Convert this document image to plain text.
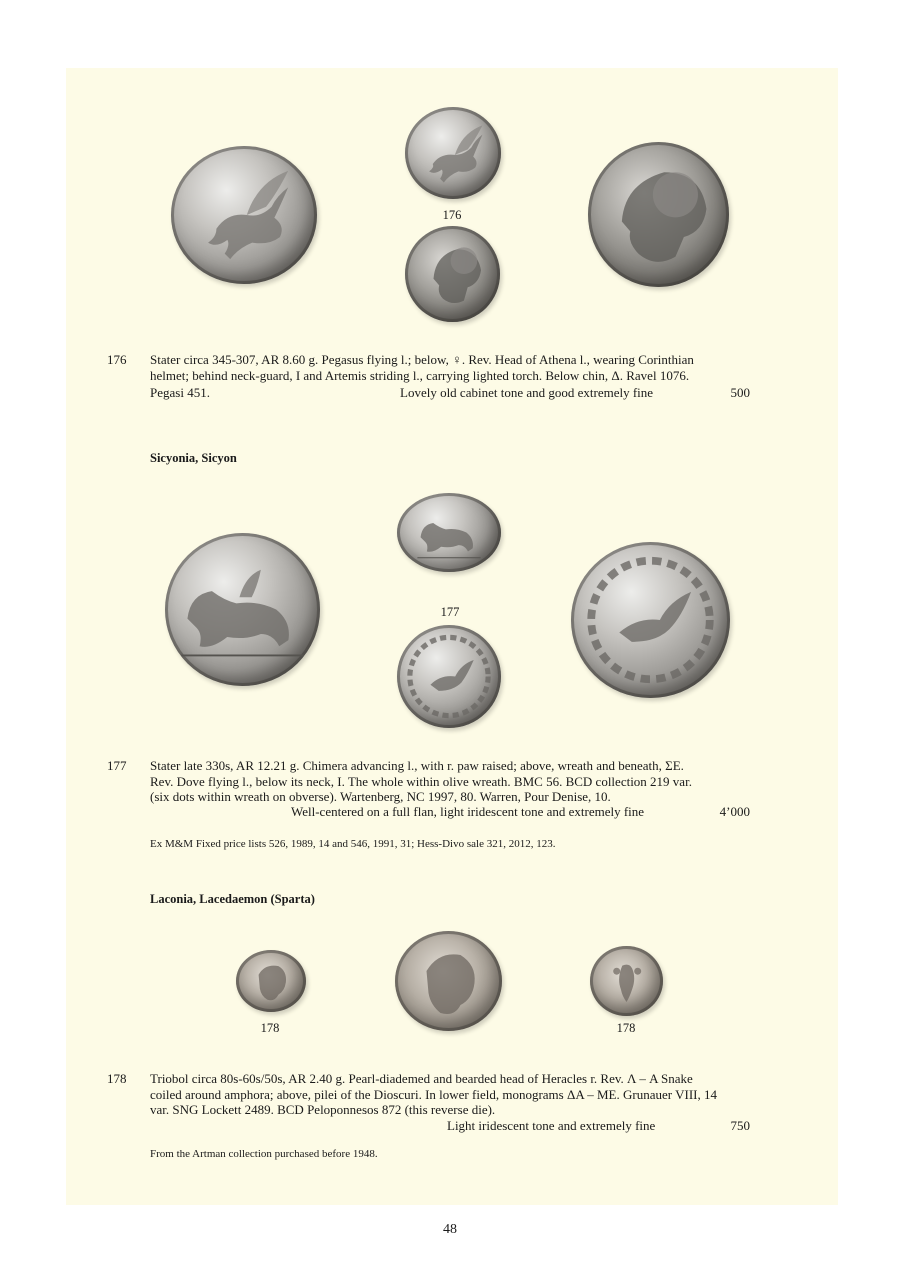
176
176 Stater circa 345-307, AR 8.60 g. Pegasus flying l.; below, ♀. Rev. Head of Athena l., wearing Corinthian
helmet; behind neck-guard, I and Artemis striding l., carrying lighted torch. Below chin, Δ. Ravel 1076.
Pegasi 451.	Lovely old cabinet tone and good extremely fine	500
Sicyonia, Sicyon
177
177 Stater late 330s, AR 12.21 g. Chimera advancing l., with r. paw raised; above, wreath and beneath, ΣE.
Rev. Dove flying l., below its neck, I. The whole within olive wreath. BMC 56. BCD collection 219 var.
(six dots within wreath on obverse). Wartenberg, NC 1997, 80. Warren, Pour Denise, 10.
Well-centered on a full flan, light iridescent tone and extremely fine	4’000
Ex M&M Fixed price lists 526, 1989, 14 and 546, 1991, 31; Hess-Divo sale 321, 2012, 123.
Laconia, Lacedaemon (Sparta)
178	178
178 Triobol circa 80s-60s/50s, AR 2.40 g. Pearl-diademed and bearded head of Heracles r. Rev. Λ – A Snake
coiled around amphora; above, pilei of the Dioscuri. In lower field, monograms ΔA – ME. Grunauer VIII, 14
var. SNG Lockett 2489. BCD Peloponnesos 872 (this reverse die).
Light iridescent tone and extremely fine	750
From the Artman collection purchased before 1948.
48
